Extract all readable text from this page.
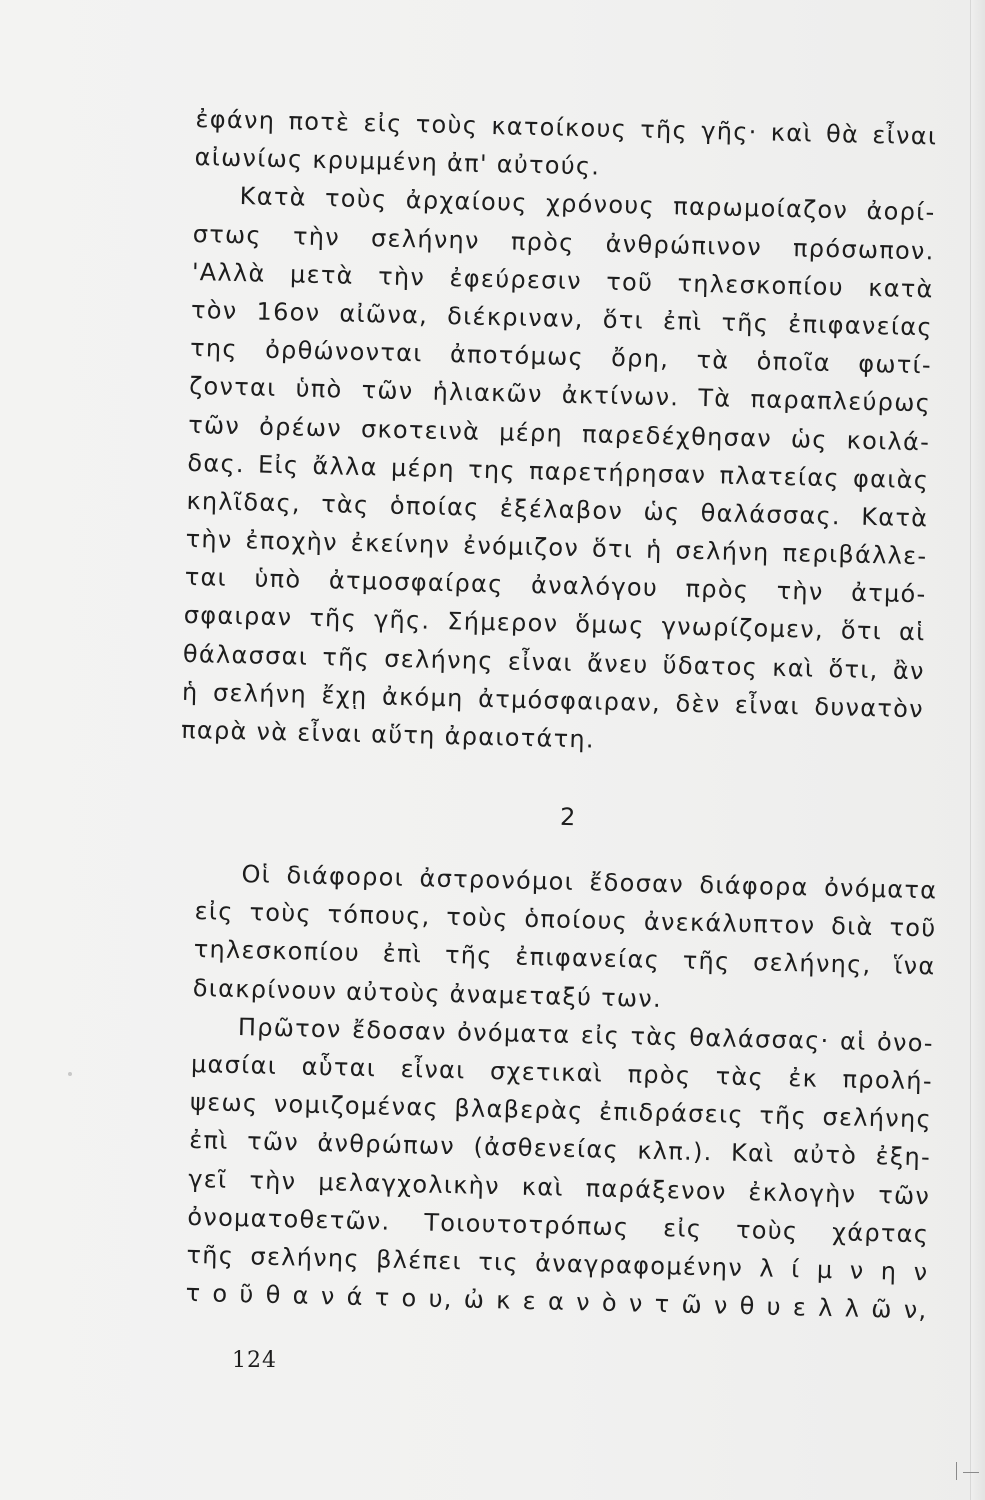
ἐφάνη ποτὲ εἰς τοὺς κατοίκους τῆς γῆς· καὶ θὰ εἶναι
αἰωνίως κρυμμένη ἀπ' αὐτούς.
Κατὰ τοὺς ἀρχαίους χρόνους παρωμοίαζον ἀορί-
στως τὴν σελήνην πρὸς ἀνθρώπινον πρόσωπον.
'Αλλὰ μετὰ τὴν ἐφεύρεσιν τοῦ τηλεσκοπίου κατὰ
τὸν 16ον αἰῶνα, διέκριναν, ὅτι ἐπὶ τῆς ἐπιφανείας
της ὀρθώνονται ἀποτόμως ὄρη, τὰ ὁποῖα φωτί-
ζονται ὑπὸ τῶν ἡλιακῶν ἀκτίνων. Τὰ παραπλεύρως
τῶν ὀρέων σκοτεινὰ μέρη παρεδέχθησαν ὡς κοιλά-
δας. Εἰς ἄλλα μέρη της παρετήρησαν πλατείας φαιὰς
κηλῖδας, τὰς ὁποίας ἐξέλαβον ὡς θαλάσσας. Κατὰ
τὴν ἐποχὴν ἐκείνην ἐνόμιζον ὅτι ἡ σελήνη περιβάλλε-
ται ὑπὸ ἀτμοσφαίρας ἀναλόγου πρὸς τὴν ἀτμό-
σφαιραν τῆς γῆς. Σήμερον ὅμως γνωρίζομεν, ὅτι αἱ
θάλασσαι τῆς σελήνης εἶναι ἄνευ ὕδατος καὶ ὅτι, ἂν
ἡ σελήνη ἔχῃ ἀκόμη ἀτμόσφαιραν, δὲν εἶναι δυνατὸν
παρὰ νὰ εἶναι αὕτη ἀραιοτάτη.
2
Οἱ διάφοροι ἀστρονόμοι ἔδοσαν διάφορα ὀνόματα
εἰς τοὺς τόπους, τοὺς ὁποίους ἀνεκάλυπτον διὰ τοῦ
τηλεσκοπίου ἐπὶ τῆς ἐπιφανείας τῆς σελήνης, ἵνα
διακρίνουν αὐτοὺς ἀναμεταξύ των.
Πρῶτον ἔδοσαν ὀνόματα εἰς τὰς θαλάσσας· αἱ ὀνο-
μασίαι αὗται εἶναι σχετικαὶ πρὸς τὰς ἐκ προλή-
ψεως νομιζομένας βλαβερὰς ἐπιδράσεις τῆς σελήνης
ἐπὶ τῶν ἀνθρώπων (ἀσθενείας κλπ.). Καὶ αὐτὸ ἐξη-
γεῖ τὴν μελαγχολικὴν καὶ παράξενον ἐκλογὴν τῶν
ὀνοματοθετῶν. Τοιουτοτρόπως εἰς τοὺς χάρτας
τῆς σελήνης βλέπει τις ἀναγραφομένην λ ί μ ν η ν
τ ο ῦ θ α ν ά τ ο υ, ὠ κ ε α ν ὸ ν τ ῶ ν θ υ ε λ λ ῶ ν,
124
